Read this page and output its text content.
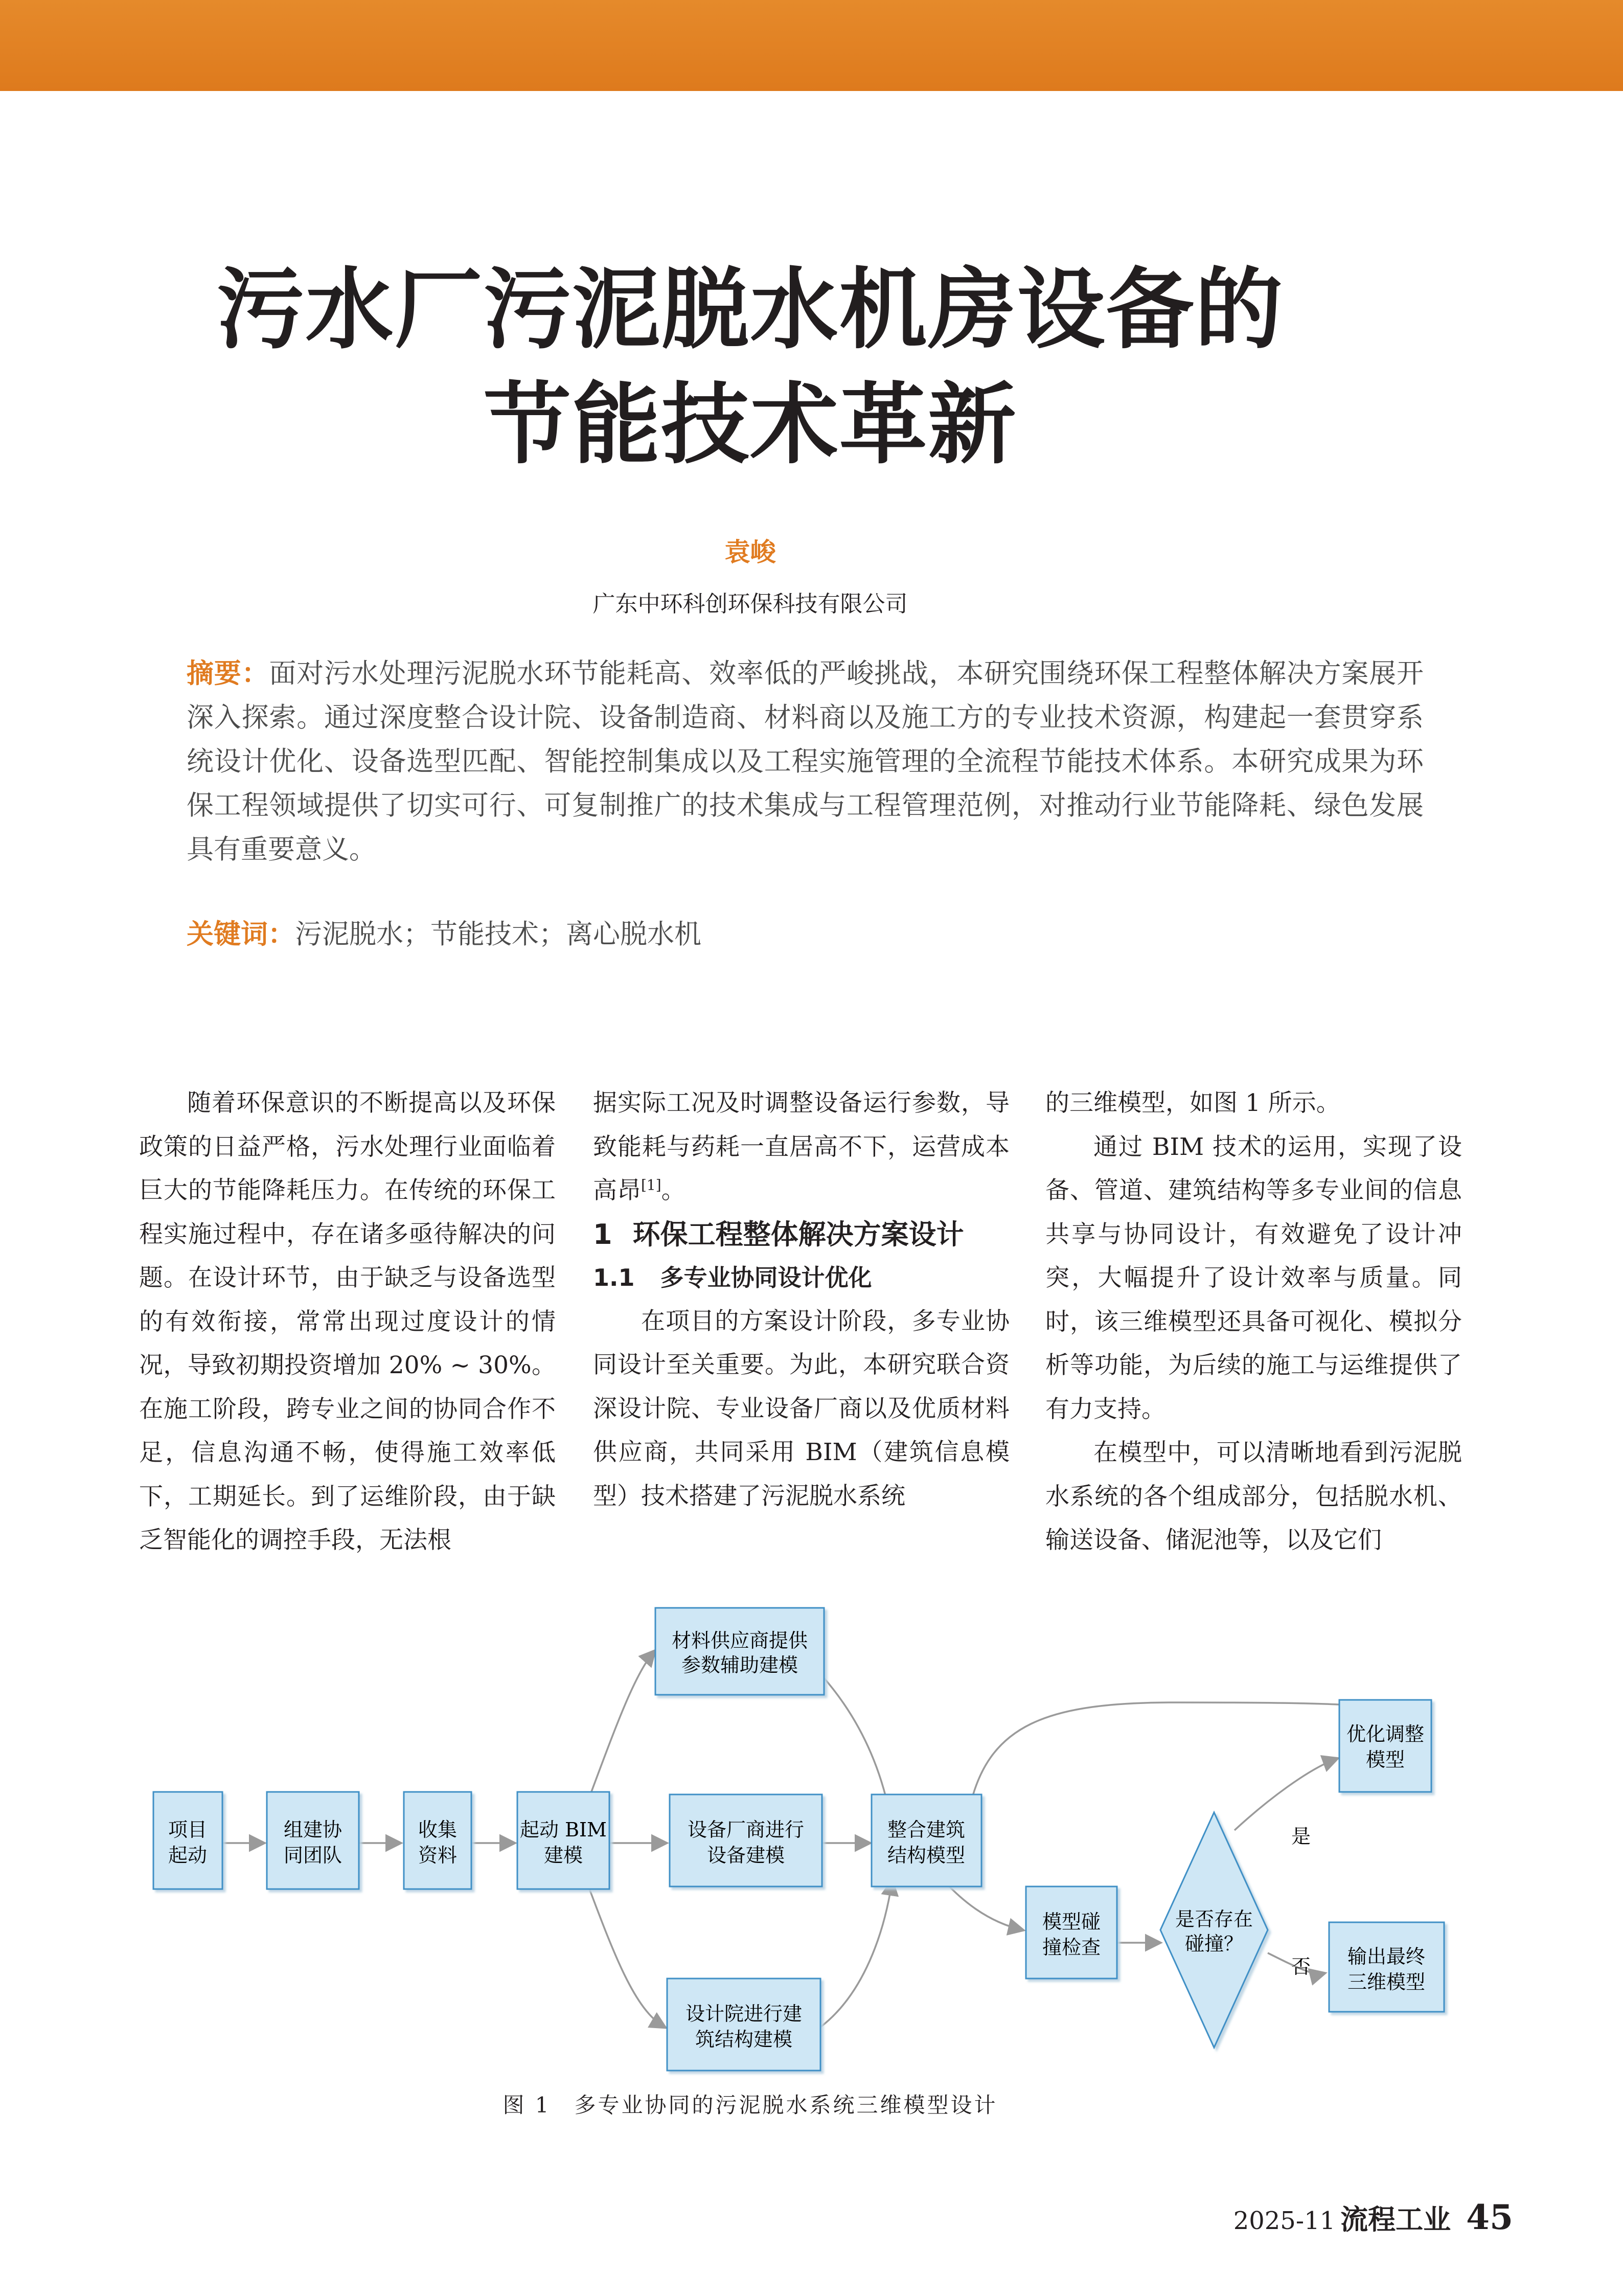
污水厂污泥脱水机房设备的
节能技术革新
袁峻
广东中环科创环保科技有限公司
摘要：面对污水处理污泥脱水环节能耗高、效率低的严峻挑战，本研究围绕环保工程整体解决方案展开深入探索。通过深度整合设计院、设备制造商、材料商以及施工方的专业技术资源，构建起一套贯穿系统设计优化、设备选型匹配、智能控制集成以及工程实施管理的全流程节能技术体系。本研究成果为环保工程领域提供了切实可行、可复制推广的技术集成与工程管理范例，对推动行业节能降耗、绿色发展具有重要意义。
关键词：污泥脱水；节能技术；离心脱水机

随着环保意识的不断提高以及环保政策的日益严格，污水处理行业面临着巨大的节能降耗压力。在传统的环保工程实施过程中，存在诸多亟待解决的问题。在设计环节，由于缺乏与设备选型的有效衔接，常常出现过度设计的情况，导致初期投资增加 20% ~ 30%。在施工阶段，跨专业之间的协同合作不足，信息沟通不畅，使得施工效率低下，工期延长。到了运维阶段，由于缺乏智能化的调控手段，无法根

据实际工况及时调整设备运行参数，导致能耗与药耗一直居高不下，运营成本高昂[1]。

1 环保工程整体解决方案设计

1.1 多专业协同设计优化

在项目的方案设计阶段，多专业协同设计至关重要。为此，本研究联合资深设计院、专业设备厂商以及优质材料供应商，共同采用 BIM（建筑信息模型）技术搭建了污泥脱水系统

的三维模型，如图 1 所示。

通过 BIM 技术的运用，实现了设备、管道、建筑结构等多专业间的信息共享与协同设计，有效避免了设计冲突，大幅提升了设计效率与质量。同时，该三维模型还具备可视化、模拟分析等功能，为后续的施工与运维提供了有力支持。

在模型中，可以清晰地看到污泥脱水系统的各个组成部分，包括脱水机、输送设备、储泥池等，以及它们

项目
起动
组建协
同团队
收集
资料
起动 BIM
建模
材料供应商提供
参数辅助建模
设备厂商进行
设备建模
设计院进行建
筑结构建模
整合建筑
结构模型
模型碰
撞检查
是否存在
碰撞？
优化调整
模型
输出最终
三维模型
是
否
图 1　多专业协同的污泥脱水系统三维模型设计
2025-11 流程工业 45
